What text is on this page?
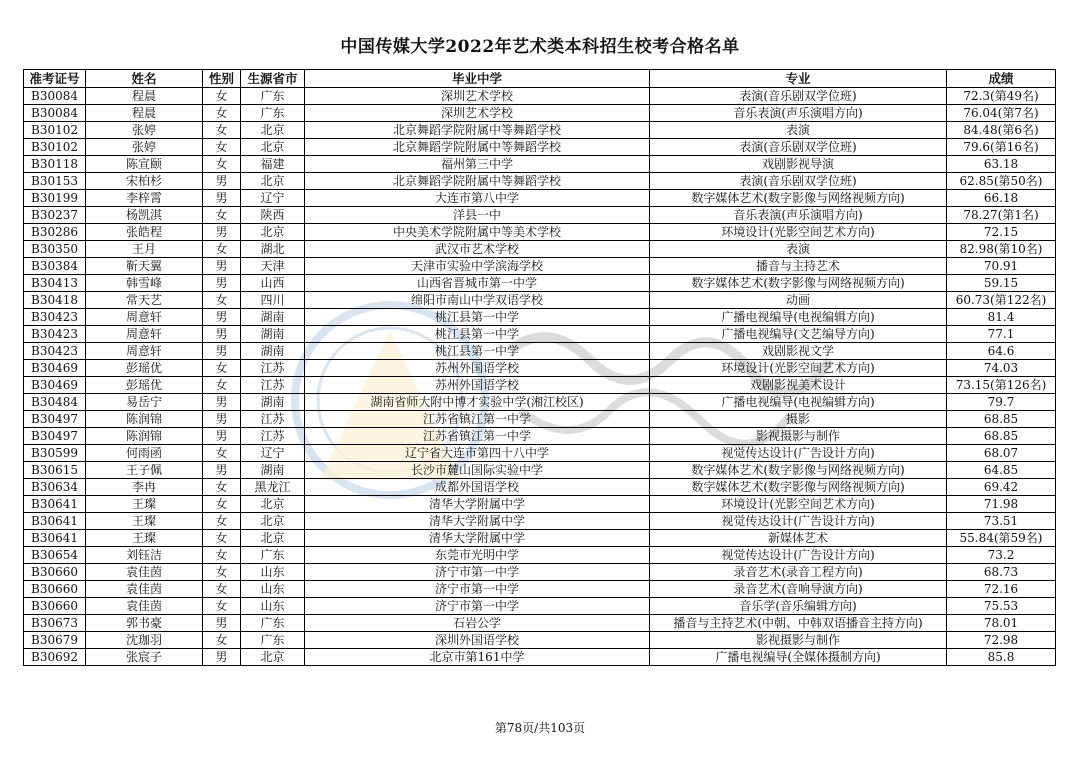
中国传媒大学2022年艺术类本科招生校考合格名单
准考证号	姓名	性别	生源省市	毕业中学	专业	成绩
B30084	程晨	女	广东	深圳艺术学校	表演(音乐剧双学位班)	72.3(第49名)
B30084	程晨	女	广东	深圳艺术学校	音乐表演(声乐演唱方向)	76.04(第7名)
B30102	张婷	女	北京	北京舞蹈学院附属中等舞蹈学校	表演	84.48(第6名)
B30102	张婷	女	北京	北京舞蹈学院附属中等舞蹈学校	表演(音乐剧双学位班)	79.6(第16名)
B30118	陈宣颐	女	福建	福州第三中学	戏剧影视导演	63.18
B30153	宋柏杉	男	北京	北京舞蹈学院附属中等舞蹈学校	表演(音乐剧双学位班)	62.85(第50名)
B30199	李梓霄	男	辽宁	大连市第八中学	数字媒体艺术(数字影像与网络视频方向)	66.18
B30237	杨凯淇	女	陕西	洋县一中	音乐表演(声乐演唱方向)	78.27(第1名)
B30286	张皓程	男	北京	中央美术学院附属中等美术学校	环境设计(光影空间艺术方向)	72.15
B30350	王月	女	湖北	武汉市艺术学校	表演	82.98(第10名)
B30384	靳天翼	男	天津	天津市实验中学滨海学校	播音与主持艺术	70.91
B30413	韩雪峰	男	山西	山西省晋城市第一中学	数字媒体艺术(数字影像与网络视频方向)	59.15
B30418	常天艺	女	四川	绵阳市南山中学双语学校	动画	60.73(第122名)
B30423	周意轩	男	湖南	桃江县第一中学	广播电视编导(电视编辑方向)	81.4
B30423	周意轩	男	湖南	桃江县第一中学	广播电视编导(文艺编导方向)	77.1
B30423	周意轩	男	湖南	桃江县第一中学	戏剧影视文学	64.6
B30469	彭瑶优	女	江苏	苏州外国语学校	环境设计(光影空间艺术方向)	74.03
B30469	彭瑶优	女	江苏	苏州外国语学校	戏剧影视美术设计	73.15(第126名)
B30484	易岳宁	男	湖南	湖南省师大附中博才实验中学(湘江校区)	广播电视编导(电视编辑方向)	79.7
B30497	陈润锦	男	江苏	江苏省镇江第一中学	摄影	68.85
B30497	陈润锦	男	江苏	江苏省镇江第一中学	影视摄影与制作	68.85
B30599	何雨函	女	辽宁	辽宁省大连市第四十八中学	视觉传达设计(广告设计方向)	68.07
B30615	王子佩	男	湖南	长沙市麓山国际实验中学	数字媒体艺术(数字影像与网络视频方向)	64.85
B30634	李冉	女	黑龙江	成都外国语学校	数字媒体艺术(数字影像与网络视频方向)	69.42
B30641	王璨	女	北京	清华大学附属中学	环境设计(光影空间艺术方向)	71.98
B30641	王璨	女	北京	清华大学附属中学	视觉传达设计(广告设计方向)	73.51
B30641	王璨	女	北京	清华大学附属中学	新媒体艺术	55.84(第59名)
B30654	刘钰洁	女	广东	东莞市光明中学	视觉传达设计(广告设计方向)	73.2
B30660	袁佳茵	女	山东	济宁市第一中学	录音艺术(录音工程方向)	68.73
B30660	袁佳茵	女	山东	济宁市第一中学	录音艺术(音响导演方向)	72.16
B30660	袁佳茵	女	山东	济宁市第一中学	音乐学(音乐编辑方向)	75.53
B30673	郭书豪	男	广东	石岩公学	播音与主持艺术(中朝、中韩双语播音主持方向)	78.01
B30679	沈珈羽	女	广东	深圳外国语学校	影视摄影与制作	72.98
B30692	张宸子	男	北京	北京市第161中学	广播电视编导(全媒体摄制方向)	85.8
第78页/共103页
